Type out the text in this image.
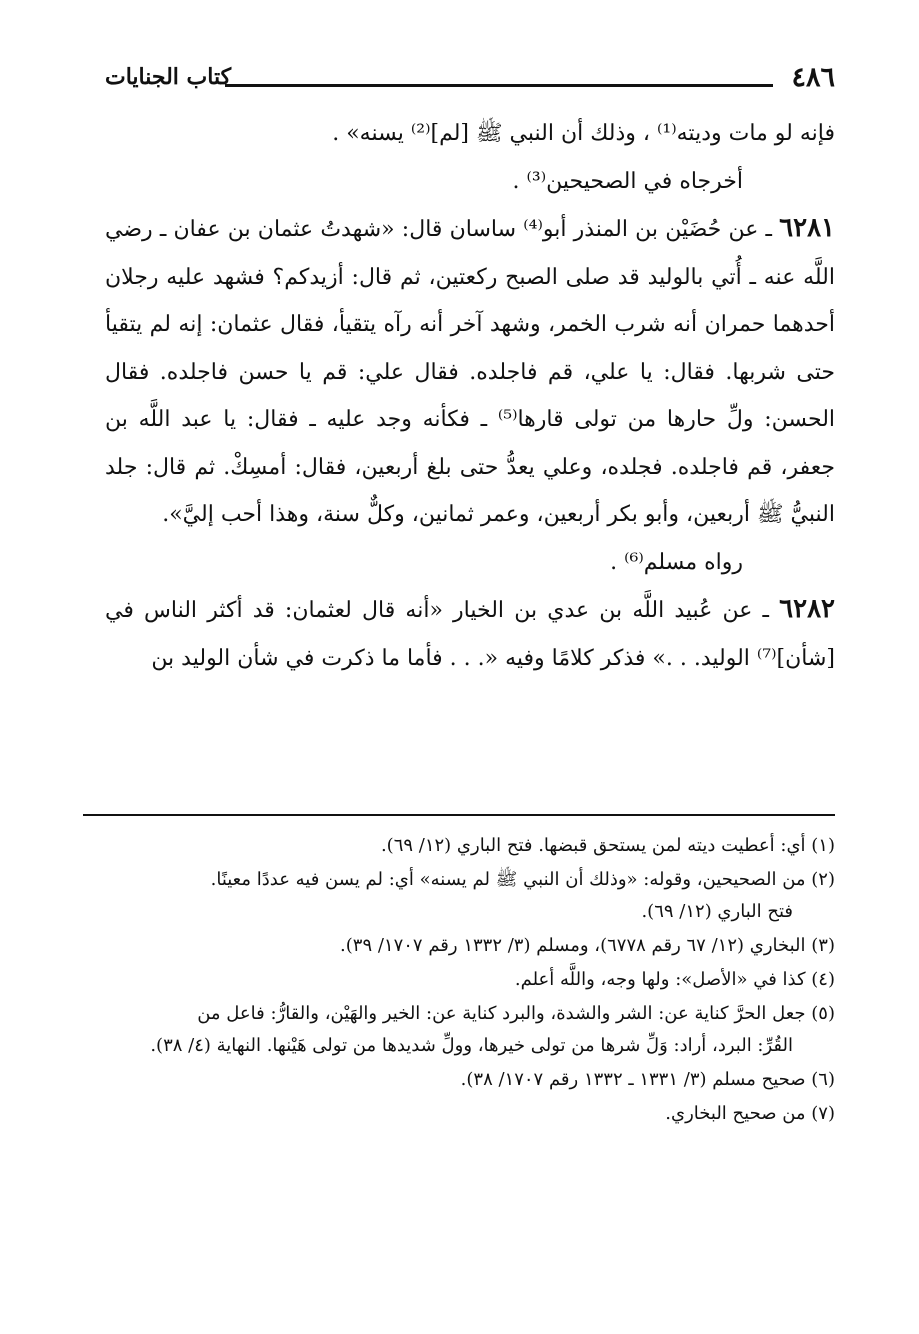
٤٨٦
كتاب الجنايات

فإنه لو مات وديته⁽¹⁾ ، وذلك أن النبي ﷺ [لم]⁽²⁾ يسنه» .

أخرجاه في الصحيحين⁽³⁾ .

٦٢٨١ ـ عن حُضَيْن بن المنذر أبو⁽⁴⁾ ساسان قال: «شهدتُ عثمان بن عفان ـ رضي اللَّه عنه ـ أُتي بالوليد قد صلى الصبح ركعتين، ثم قال: أزيدكم؟ فشهد عليه رجلان أحدهما حمران أنه شرب الخمر، وشهد آخر أنه رآه يتقيأ، فقال عثمان: إنه لم يتقيأ حتى شربها. فقال: يا علي، قم فاجلده. فقال علي: قم يا حسن فاجلده. فقال الحسن: ولِّ حارها من تولى قارها⁽⁵⁾ ـ فكأنه وجد عليه ـ فقال: يا عبد اللَّه بن جعفر، قم فاجلده. فجلده، وعلي يعدُّ حتى بلغ أربعين، فقال: أمسِكْ. ثم قال: جلد النبيُّ ﷺ أربعين، وأبو بكر أربعين، وعمر ثمانين، وكلٌّ سنة، وهذا أحب إليَّ».

رواه مسلم⁽⁶⁾ .

٦٢٨٢ ـ عن عُبيد اللَّه بن عدي بن الخيار «أنه قال لعثمان: قد أكثر الناس في [شأن]⁽⁷⁾ الوليد. . .» فذكر كلامًا وفيه «. . . فأما ما ذكرت في شأن الوليد بن

(١) أي: أعطيت ديته لمن يستحق قبضها. فتح الباري (١٢/ ٦٩).

(٢) من الصحيحين، وقوله: «وذلك أن النبي ﷺ لم يسنه» أي: لم يسن فيه عددًا معينًا.
فتح الباري (١٢/ ٦٩).

(٣) البخاري (١٢/ ٦٧ رقم ٦٧٧٨)، ومسلم (٣/ ١٣٣٢ رقم ١٧٠٧/ ٣٩).

(٤) كذا في «الأصل»: ولها وجه، واللَّه أعلم.

(٥) جعل الحرَّ كناية عن: الشر والشدة، والبرد كناية عن: الخير والهَيْن، والقارُّ: فاعل من
القُرِّ: البرد، أراد: وَلِّ شرها من تولى خيرها، وولِّ شديدها من تولى هَيْنها. النهاية (٤/ ٣٨).

(٦) صحيح مسلم (٣/ ١٣٣١ ـ ١٣٣٢ رقم ١٧٠٧/ ٣٨).

(٧) من صحيح البخاري.
